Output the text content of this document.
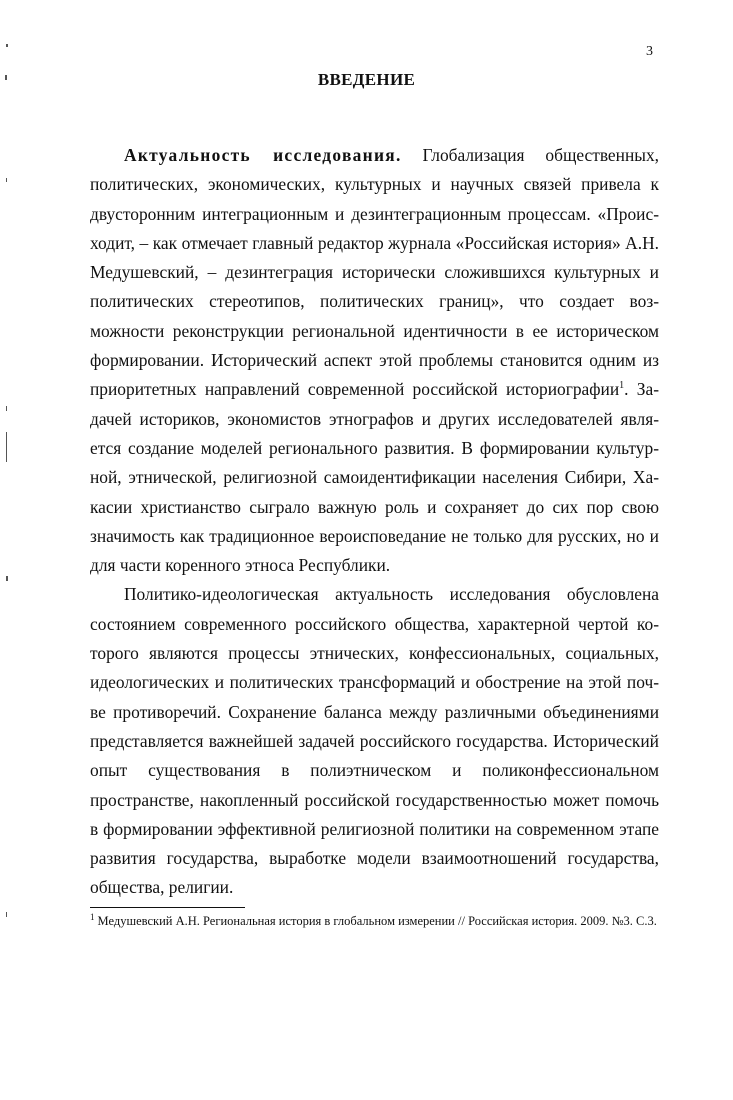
3
ВВЕДЕНИЕ

Актуальность исследования. Глобализация общественных, политических, экономических, культурных и научных связей привела к двусторонним интеграционным и дезинтеграционным процессам. «Происходит, – как отмечает главный редактор журнала «Российская история» А.Н. Медушевский, – дезинтеграция исторически сложившихся культурных и политических стереотипов, политических границ», что создает возможности реконструкции региональной идентичности в ее историческом формировании. Исторический аспект этой проблемы становится одним из приоритетных направлений современной российской историографии$^1$. Задачей историков, экономистов этнографов и других исследователей является создание моделей регионального развития. В формировании культурной, этнической, религиозной самоидентификации населения Сибири, Хакасии христианство сыграло важную роль и сохраняет до сих пор свою значимость как традиционное вероисповедание не только для русских, но и для части коренного этноса Республики.

Политико-идеологическая актуальность исследования обусловлена состоянием современного российского общества, характерной чертой которого являются процессы этнических, конфессиональных, социальных, идеологических и политических трансформаций и обострение на этой почве противоречий. Сохранение баланса между различными объединениями представляется важнейшей задачей российского государства. Исторический опыт существования в полиэтническом и поликонфессиональном пространстве, накопленный российской государственностью может помочь в формировании эффективной религиозной политики на современном этапе развития государства, выработке модели взаимоотношений государства, общества, религии.

$^1$ Медушевский А.Н. Региональная история в глобальном измерении // Российская история. 2009. №3. С.3.
